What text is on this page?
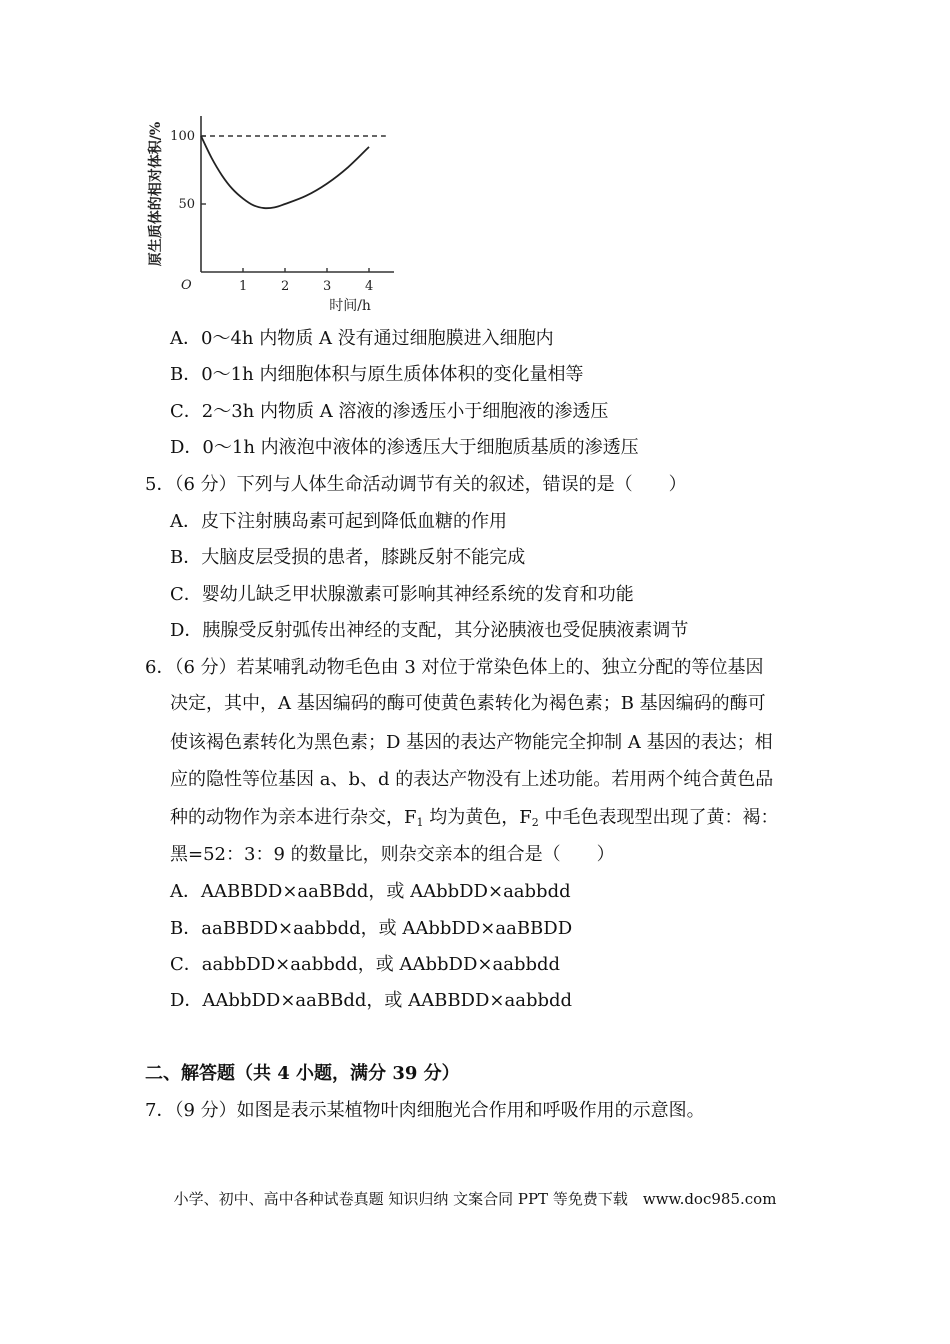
1	2	3	4
50
100
O
时间/h
原生质体的相对体积/%
A．0～4h 内物质 A 没有通过细胞膜进入细胞内
B．0～1h 内细胞体积与原生质体体积的变化量相等
C．2～3h 内物质 A 溶液的渗透压小于细胞液的渗透压
D．0～1h 内液泡中液体的渗透压大于细胞质基质的渗透压
5．（6 分）下列与人体生命活动调节有关的叙述，错误的是（　　）
A．皮下注射胰岛素可起到降低血糖的作用
B．大脑皮层受损的患者，膝跳反射不能完成
C．婴幼儿缺乏甲状腺激素可影响其神经系统的发育和功能
D．胰腺受反射弧传出神经的支配，其分泌胰液也受促胰液素调节
6．（6 分）若某哺乳动物毛色由 3 对位于常染色体上的、独立分配的等位基因
决定，其中，A 基因编码的酶可使黄色素转化为褐色素；B 基因编码的酶可
使该褐色素转化为黑色素；D 基因的表达产物能完全抑制 A 基因的表达；相
应的隐性等位基因 a、b、d 的表达产物没有上述功能。若用两个纯合黄色品
种的动物作为亲本进行杂交，$F_1$ 均为黄色，$F_2$ 中毛色表现型出现了黄：褐：
黑=52：3：9 的数量比，则杂交亲本的组合是（　　）
A．AABBDD×aaBBdd，或 AAbbDD×aabbdd
B．aaBBDD×aabbdd，或 AAbbDD×aaBBDD
C．aabbDD×aabbdd，或 AAbbDD×aabbdd
D．AAbbDD×aaBBdd，或 AABBDD×aabbdd
二、解答题（共 4 小题，满分 39 分）
7．（9 分）如图是表示某植物叶肉细胞光合作用和呼吸作用的示意图。
小学、初中、高中各种试卷真题 知识归纳 文案合同 PPT 等免费下载　www.doc985.com
